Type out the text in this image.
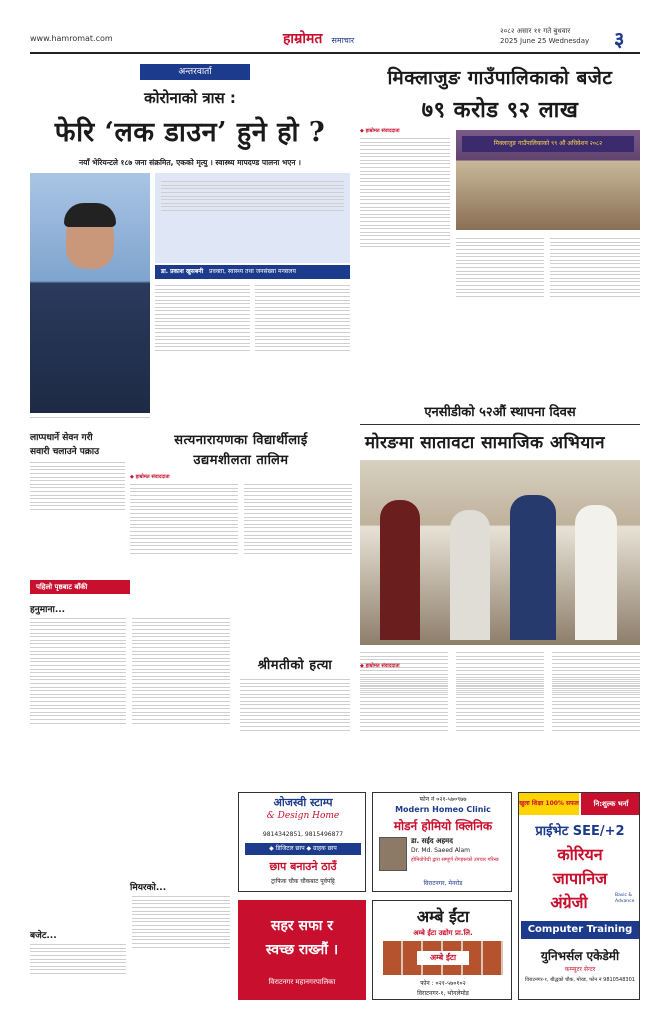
www.hamromat.com	हाम्रोमत समाचार
२०८२ असार ११ गते बुधवार
2025 June 25 Wednesday ३
अन्तरवार्ता
कोरोनाको त्रास :
फेरि ‘लक डाउन’ हुने हो ?
नयाँ भेरियन्टले १८७ जना संक्रमित, एकको मृत्यु । स्वास्थ्य मापदण्ड पालना भएन ।
डा. प्रकाश खुसबनी प्रवक्ता, स्वास्थ्य तथा जनसंख्या मन्त्रालय
मिक्लाजुङ गाउँपालिकाको बजेट
७९ करोड ९२ लाख
◆ हाम्रोमत संवाददाता
मिक्लाजुङ गाउँपालिकाको ९९ औं अधिवेशन २०८२
एनसीडीको ५२औं स्थापना दिवस
मोरङमा सातावटा सामाजिक अभियान
लाप्पधार्ने सेवन गरी
सवारी चलाउने पक्राउ
सत्यनारायणका विद्यार्थीलाई
उद्यमशीलता तालिम
◆ हाम्रोमत संवाददाता
पहिलो पृष्ठबाट बाँकी
हनुमाना...
श्रीमतीको हत्या	◆ हाम्रोमत संवाददाता
मियरको...
बजेट...
ओजस्वी स्टाम्प
& Design Home
9814342851, 9815496877
◆ डिजिटल छाप ◆ ग्राहक छाप
छाप बनाउने ठाउँ
ट्राफिक चौक चौकबाट पूर्वपट्टि
सहर सफा र
स्वच्छ राख्नौं ।
विराटनगर महानगरपालिका
फोन नं ०२१-५७०९७७
Modern Homeo Clinic
मोडर्न होमियो क्लिनिक
डा. सईद अहमद
Dr. Md. Saeed Alam
होमियोपेथी द्वारा सम्पूर्ण रोगहरूको उपचार गरिन्छ
विराटनगर, मेनरोड
अम्बे ईंटा
अम्बे ईंटा उद्योग प्रा.लि.
अम्बे ईंटा
फोन : ०२१-५७०१०२
विराटनगर-१, भोगलेमोड
खुला शिक्षा 100% सफल	नि:शुल्क भर्ना
प्राईभेट SEE/+2
कोरियन
जापानिज
अंग्रेजी	Basic & Advance
Computer Training
युनिभर्सल एकेडेमी
कम्प्युटर सेन्टर
विराटनगर-१, बौद्धको चौक, मोरङ, फोन नं 9810548301
